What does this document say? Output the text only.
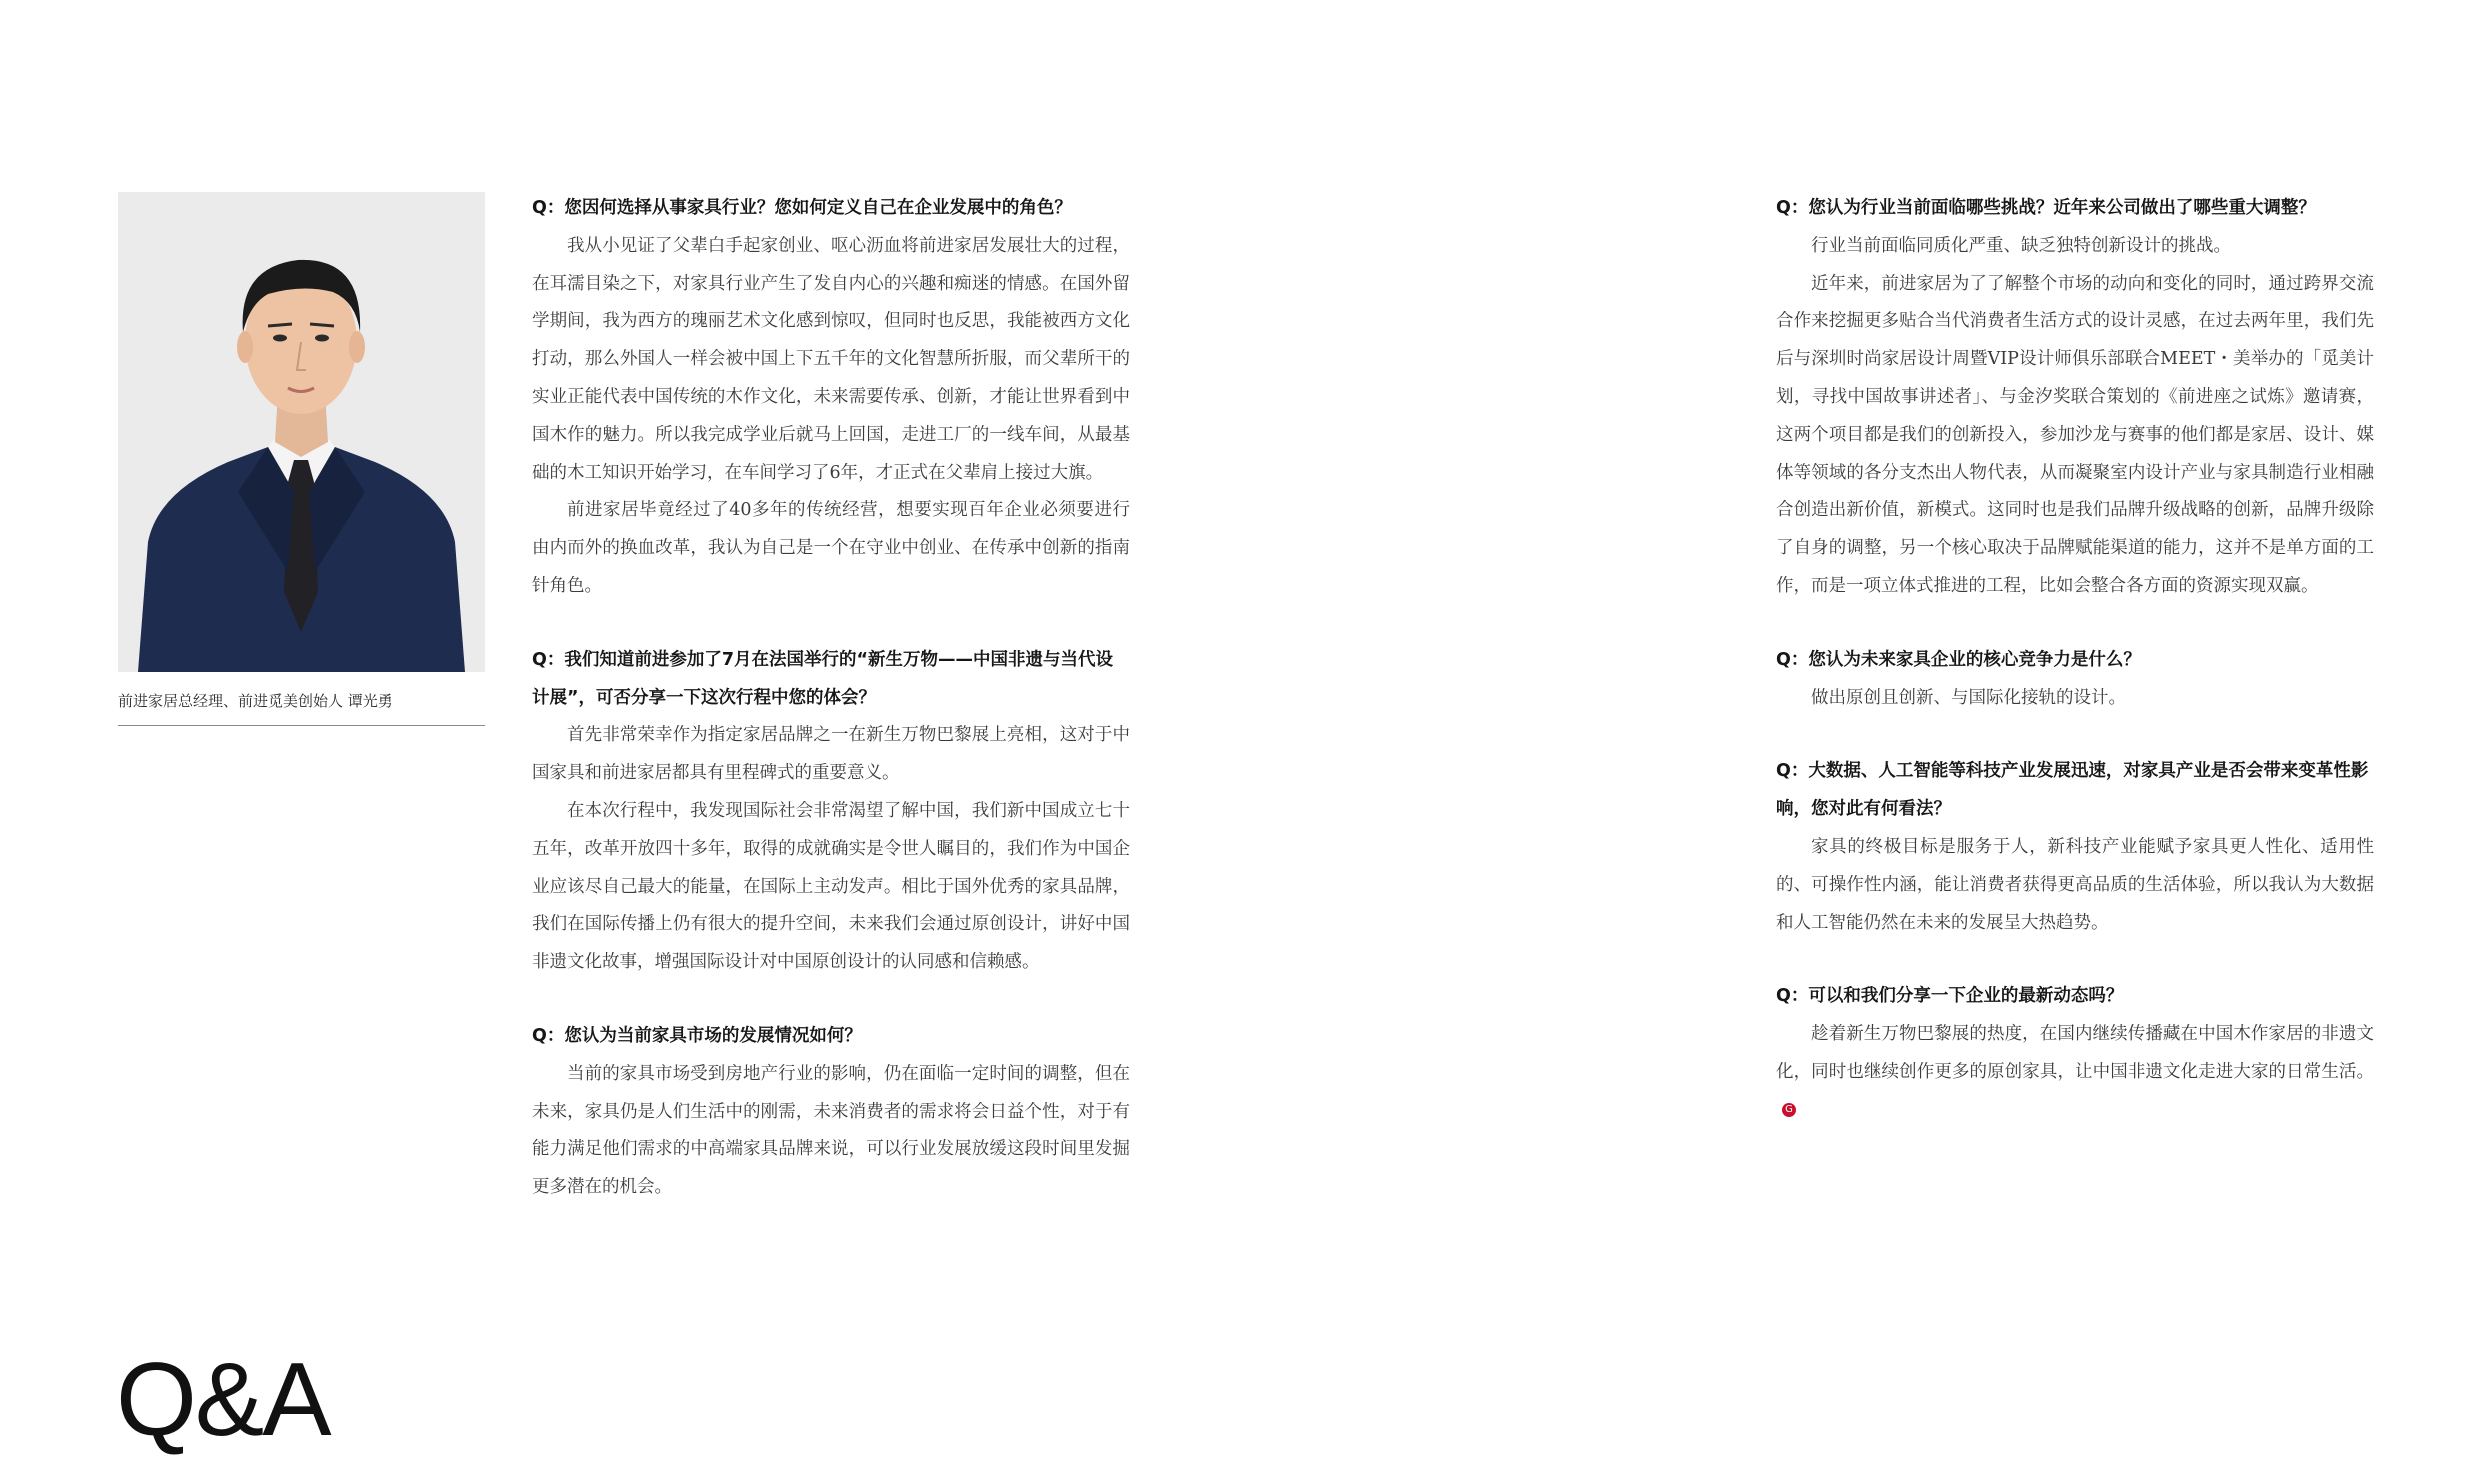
前进家居总经理、前进觅美创始人 谭光勇

Q：您因何选择从事家具行业？您如何定义自己在企业发展中的角色？

我从小见证了父辈白手起家创业、呕心沥血将前进家居发展壮大的过程，在耳濡目染之下，对家具行业产生了发自内心的兴趣和痴迷的情感。在国外留学期间，我为西方的瑰丽艺术文化感到惊叹，但同时也反思，我能被西方文化打动，那么外国人一样会被中国上下五千年的文化智慧所折服，而父辈所干的实业正能代表中国传统的木作文化，未来需要传承、创新，才能让世界看到中国木作的魅力。所以我完成学业后就马上回国，走进工厂的一线车间，从最基础的木工知识开始学习，在车间学习了6年，才正式在父辈肩上接过大旗。

前进家居毕竟经过了40多年的传统经营，想要实现百年企业必须要进行由内而外的换血改革，我认为自己是一个在守业中创业、在传承中创新的指南针角色。

Q：我们知道前进参加了7月在法国举行的“新生万物——中国非遗与当代设计展”，可否分享一下这次行程中您的体会？

首先非常荣幸作为指定家居品牌之一在新生万物巴黎展上亮相，这对于中国家具和前进家居都具有里程碑式的重要意义。

在本次行程中，我发现国际社会非常渴望了解中国，我们新中国成立七十五年，改革开放四十多年，取得的成就确实是令世人瞩目的，我们作为中国企业应该尽自己最大的能量，在国际上主动发声。相比于国外优秀的家具品牌，我们在国际传播上仍有很大的提升空间，未来我们会通过原创设计，讲好中国非遗文化故事，增强国际设计对中国原创设计的认同感和信赖感。

Q：您认为当前家具市场的发展情况如何？

当前的家具市场受到房地产行业的影响，仍在面临一定时间的调整，但在未来，家具仍是人们生活中的刚需，未来消费者的需求将会日益个性，对于有能力满足他们需求的中高端家具品牌来说，可以行业发展放缓这段时间里发掘更多潜在的机会。

Q：您认为行业当前面临哪些挑战？近年来公司做出了哪些重大调整？

行业当前面临同质化严重、缺乏独特创新设计的挑战。

近年来，前进家居为了了解整个市场的动向和变化的同时，通过跨界交流合作来挖掘更多贴合当代消费者生活方式的设计灵感，在过去两年里，我们先后与深圳时尚家居设计周暨VIP设计师俱乐部联合MEET・美举办的「觅美计划，寻找中国故事讲述者」、与金汐奖联合策划的《前进座之试炼》邀请赛，这两个项目都是我们的创新投入，参加沙龙与赛事的他们都是家居、设计、媒体等领域的各分支杰出人物代表，从而凝聚室内设计产业与家具制造行业相融合创造出新价值，新模式。这同时也是我们品牌升级战略的创新，品牌升级除了自身的调整，另一个核心取决于品牌赋能渠道的能力，这并不是单方面的工作，而是一项立体式推进的工程，比如会整合各方面的资源实现双赢。

Q：您认为未来家具企业的核心竞争力是什么？

做出原创且创新、与国际化接轨的设计。

Q：大数据、人工智能等科技产业发展迅速，对家具产业是否会带来变革性影响，您对此有何看法？

家具的终极目标是服务于人，新科技产业能赋予家具更人性化、适用性的、可操作性内涵，能让消费者获得更高品质的生活体验，所以我认为大数据和人工智能仍然在未来的发展呈大热趋势。

Q：可以和我们分享一下企业的最新动态吗？

趁着新生万物巴黎展的热度，在国内继续传播藏在中国木作家居的非遗文化，同时也继续创作更多的原创家具，让中国非遗文化走进大家的日常生活。G

Q&A
